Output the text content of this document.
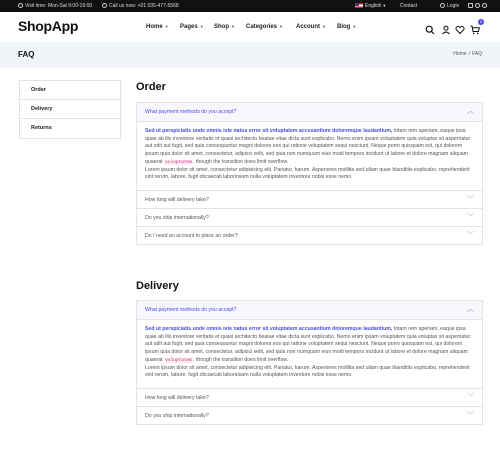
Visit time: Mon-Sat 9:00-19:00	Call us now: +01 035-477-5568	English▼	Contact	Login
ShopApp	Home ▼ Pages ▼ Shop ▼ Categories ▼ Account ▼ Blog ▼
0
FAQ	Home / FAQ
Order
Delivery
Returns
Order
What payment methods do you accept?	︿
Sed ut perspiciatis unde omnis iste natus error sit voluptatem accusantium doloremque laudantium, totam rem aperiam, eaque ipsa quae ab illo inventore veritatis et quasi architecto beatae vitae dicta sunt explicabo. Nemo enim ipsam voluptatem quia voluptas sit aspernatur aut odit aut fugit, sed quia consequuntur magni dolores eos qui ratione voluptatem sequi nesciunt. Neque porro quisquam est, qui dolorem ipsum quia dolor sit amet, consectetur, adipisci velit, sed quia non numquam eius modi tempora incidunt ut labore et dolore magnam aliquam quaerat voluptatem. though the transition does limit overflow.
Lorem ipsum dolor sit amet, consectetur adipisicing elit. Pariatur, harum. Asperiores mollitia sed ullam quae blanditiis explicabo, reprehenderit sint rerum, labore, fugit obcaecati laboriosam nulla voluptatem inventore nobis esse nemo.
How long will delivery take?	﹀
Do you ship internationally?	﹀
Do I need an account to place an order?	﹀
Delivery
What payment methods do you accept?	︿
Sed ut perspiciatis unde omnis iste natus error sit voluptatem accusantium doloremque laudantium, totam rem aperiam, eaque ipsa quae ab illo inventore veritatis et quasi architecto beatae vitae dicta sunt explicabo. Nemo enim ipsam voluptatem quia voluptas sit aspernatur aut odit aut fugit, sed quia consequuntur magni dolores eos qui ratione voluptatem sequi nesciunt. Neque porro quisquam est, qui dolorem ipsum quia dolor sit amet, consectetur, adipisci velit, sed quia non numquam eius modi tempora incidunt ut labore et dolore magnam aliquam quaerat voluptatem. though the transition does limit overflow.
Lorem ipsum dolor sit amet, consectetur adipisicing elit. Pariatur, harum. Asperiores mollitia sed ullam quae blanditiis explicabo, reprehenderit sint rerum, labore, fugit obcaecati laboriosam nulla voluptatem inventore nobis esse nemo.
How long will delivery take?	﹀
Do you ship internationally?	﹀
